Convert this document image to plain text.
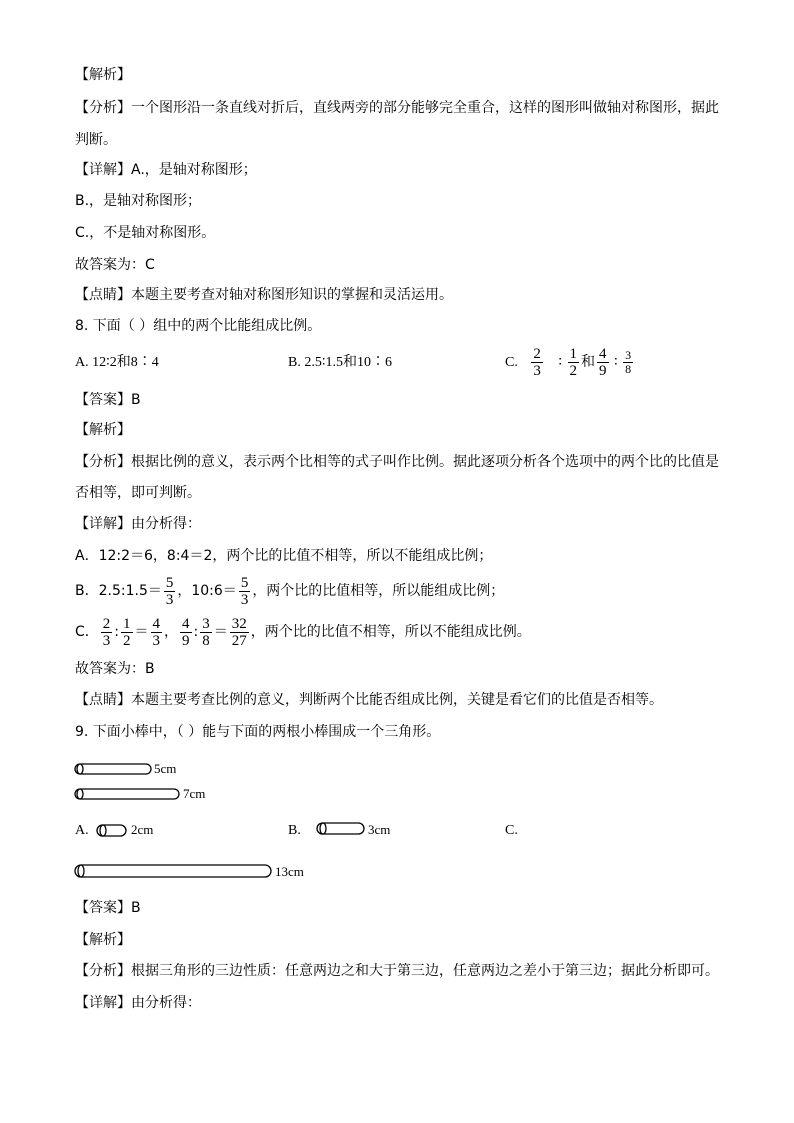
【解析】
【分析】一个图形沿一条直线对折后，直线两旁的部分能够完全重合，这样的图形叫做轴对称图形，据此
判断。
【详解】A.，是轴对称图形；
B.，是轴对称图形；
C.，不是轴对称图形。
故答案为：C
【点睛】本题主要考查对轴对称图形知识的掌握和灵活运用。
8. 下面（ ）组中的两个比能组成比例。
A. 12∶2和8∶4	B. 2.5∶1.5和10∶6	C. $\frac{2}{3}$ ∶ $\frac{1}{2}$ 和 $\frac{4}{9}$ ∶ $\frac{3}{8}$
【答案】B
【解析】
【分析】根据比例的意义，表示两个比相等的式子叫作比例。据此逐项分析各个选项中的两个比的比值是
否相等，即可判断。
【详解】由分析得：
A．12:2＝6，8:4＝2，两个比的比值不相等，所以不能组成比例；
B．2.5:1.5＝ $\frac{5}{3}$ ，10:6＝ $\frac{5}{3}$ ，两个比的比值相等，所以能组成比例；
C． $\frac{2}{3}$ : $\frac{1}{2} = \frac{4}{3}$ ， $\frac{4}{9}$ : $\frac{3}{8} = \frac{32}{27}$ ，两个比的比值不相等，所以不能组成比例。
故答案为：B
【点睛】本题主要考查比例的意义，判断两个比能否组成比例，关键是看它们的比值是否相等。
9. 下面小棒中，（ ）能与下面的两根小棒围成一个三角形。
5cm
7cm
A.	2cm	B.	3cm	C.
13cm
【答案】B
【解析】
【分析】根据三角形的三边性质：任意两边之和大于第三边，任意两边之差小于第三边；据此分析即可。
【详解】由分析得：
